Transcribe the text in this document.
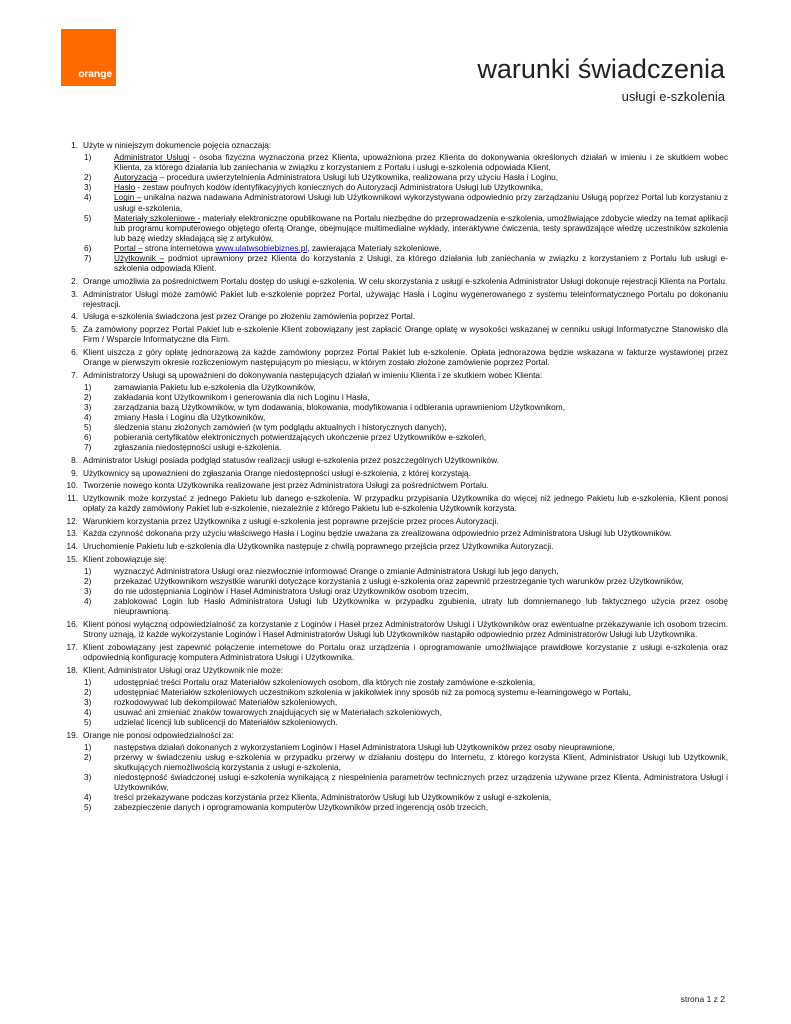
orange	warunki świadczenia
usługi e-szkolenia
1. Użyte w niniejszym dokumencie pojęcia oznaczają:
1)	Administrator Usługi - osoba fizyczna wyznaczona przez Klienta, upoważniona przez Klienta do dokonywania określonych działań w imieniu i ze skutkiem wobec Klienta, za którego działania lub zaniechania w związku z korzystaniem z Portalu i usługi e-szkolenia odpowiada Klient,
2)	Autoryzacja – procedura uwierzytelnienia Administratora Usługi lub Użytkownika, realizowana przy użyciu Hasła i Loginu,
3)	Hasło - zestaw poufnych kodów identyfikacyjnych koniecznych do Autoryzacji Administratora Usługi lub Użytkownika,
4)	Login – unikalna nazwa nadawana Administratorowi Usługi lub Użytkownikowi wykorzystywana odpowiednio przy zarządzaniu Usługą poprzez Portal lub korzystaniu z usługi e-szkolenia,
5)	Materiały szkoleniowe - materiały elektroniczne opublikowane na Portalu niezbędne do przeprowadzenia e-szkolenia, umożliwiające zdobycie wiedzy na temat aplikacji lub programu komputerowego objętego ofertą Orange, obejmujące multimedialne wykłady, interaktywne ćwiczenia, testy sprawdzające wiedzę uczestników szkolenia lub bazę wiedzy składającą się z artykułów,
6)	Portal – strona internetowa www.ulatwsobiebiznes.pl, zawierająca Materiały szkoleniowe,
7)	Użytkownik – podmiot uprawniony przez Klienta do korzystania z Usługi, za którego działania lub zaniechania w związku z korzystaniem z Portalu lub usługi e-szkolenia odpowiada Klient.
2. Orange umożliwia za pośrednictwem Portalu dostęp do usługi e-szkolenia. W celu skorzystania z usługi e-szkolenia Administrator Usługi dokonuje rejestracji Klienta na Portalu.
3. Administrator Usługi może zamówić Pakiet lub e-szkolenie poprzez Portal, używając Hasła i Loginu wygenerowanego z systemu teleinformatycznego Portalu po dokonaniu rejestracji.
4. Usługa e-szkolenia świadczona jest przez Orange po złożeniu zamówienia poprzez Portal.
5. Za zamówiony poprzez Portal Pakiet lub e-szkolenie Klient zobowiązany jest zapłacić Orange opłatę w wysokości wskazanej w cenniku usługi Informatyczne Stanowisko dla Firm / Wsparcie Informatyczne dla Firm.
6. Klient uiszcza z góry opłatę jednorazową za każde zamówiony poprzez Portal Pakiet lub e-szkolenie. Opłata jednorazowa będzie wskazana w fakturze wystawionej przez Orange w pierwszym okresie rozliczeniowym następującym po miesiącu, w którym zostało złożone zamówienie poprzez Portal.
7. Administratorzy Usługi są upoważnieni do dokonywania następujących działań w imieniu Klienta i ze skutkiem wobec Klienta:
1)	zamawiania Pakietu lub e-szkolenia dla Użytkowników,
2)	zakładania kont Użytkownikom i generowania dla nich Loginu i Hasła,
3)	zarządzania bazą Użytkowników, w tym dodawania, blokowania, modyfikowania i odbierania uprawnieniom Użytkownikom,
4)	zmiany Hasła i Loginu dla Użytkowników,
5)	śledzenia stanu złożonych zamówień (w tym podglądu aktualnych i historycznych danych),
6)	pobierania certyfikatów elektronicznych potwierdzających ukończenie przez Użytkowników e-szkoleń,
7)	zgłaszania niedostępności usługi e-szkolenia.
8. Administrator Usługi posiada podgląd statusów realizacji usługi e-szkolenia przez poszczególnych Użytkowników.
9. Użytkownicy są upoważnieni do zgłaszania Orange niedostępności usługi e-szkolenia, z której korzystają.
10. Tworzenie nowego konta Użytkownika realizowane jest przez Administratora Usługi za pośrednictwem Portalu.
11. Użytkownik może korzystać z jednego Pakietu lub danego e-szkolenia. W przypadku przypisania Użytkownika do więcej niż jednego Pakietu lub e-szkolenia, Klient ponosi opłaty za każdy zamówiony Pakiet lub e-szkolenie, niezależnie z którego Pakietu lub e-szkolenia Użytkownik korzysta.
12. Warunkiem korzystania przez Użytkownika z usługi e-szkolenia jest poprawne przejście przez proces Autoryzacji.
13. Każda czynność dokonana przy użyciu właściwego Hasła i Loginu będzie uważana za zrealizowana odpowiednio przez Administratora Usługi lub Użytkowników.
14. Uruchomienie Pakietu lub e-szkolenia dla Użytkownika następuje z chwilą poprawnego przejścia przez Użytkownika Autoryzacji.
15. Klient zobowiązuje się:
1)	wyznaczyć Administratora Usługi oraz niezwłocznie informować Orange o zmianie Administratora Usługi lub jego danych,
2)	przekazać Użytkownikom wszystkie warunki dotyczące korzystania z usługi e-szkolenia oraz zapewnić przestrzeganie tych warunków przez Użytkowników,
3)	do nie udostępniania Loginów i Haseł Administratora Usługi oraz Użytkowników osobom trzecim,
4)	zablokować Login lub Hasło Administratora Usługi lub Użytkownika w przypadku zgubienia, utraty lub domniemanego lub faktycznego użycia przez osobę nieuprawnioną.
16. Klient ponosi wyłączną odpowiedzialność za korzystanie z Loginów i Haseł przez Administratorów Usługi i Użytkowników oraz ewentualne przekazywanie ich osobom trzecim. Strony uznają, iż każde wykorzystanie Loginów i Haseł Administratorów Usługi lub Użytkowników nastąpiło odpowiednio przez Administratorów Usługi lub Użytkownika.
17. Klient zobowiązany jest zapewnić połączenie internetowe do Portalu oraz urządzenia i oprogramowanie umożliwiające prawidłowe korzystanie z usługi e-szkolenia oraz odpowiednią konfigurację komputera Administratora Usługi i Użytkownika.
18. Klient, Administrator Usługi oraz Użytkownik nie może:
1)	udostępniać treści Portalu oraz Materiałów szkoleniowych osobom, dla których nie zostały zamówione e-szkolenia,
2)	udostępniać Materiałów szkoleniowych uczestnikom szkolenia w jakikolwiek inny sposób niż za pomocą systemu e-learningowego w Portalu,
3)	rozkodowywać lub dekompilować Materiałów szkoleniowych,
4)	usuwać ani zmieniać znaków towarowych znajdujących się w Materiałach szkoleniowych,
5)	udzielać licencji lub sublicencji do Materiałów szkoleniowych.
19. Orange nie ponosi odpowiedzialności za:
1)	następstwa działań dokonanych z wykorzystaniem Loginów i Haseł Administratora Usługi lub Użytkowników przez osoby nieuprawnione,
2)	przerwy w świadczeniu usług e-szkolenia w przypadku przerwy w działaniu dostępu do Internetu, z którego korzysta Klient, Administrator Usługi lub Użytkownik, skutkujących niemożliwością korzystania z usługi e-szkolenia,
3)	niedostępność świadczonej usługi e-szkolenia wynikającą z niespełnienia parametrów technicznych przez urządzenia używane przez Klienta, Administratora Usługi i Użytkowników,
4)	treści przekazywane podczas korzystania przez Klienta, Administratorów Usługi lub Użytkowników z usługi e-szkolenia,
5)	zabezpieczenie danych i oprogramowania komputerów Użytkowników przed ingerencją osób trzecich,
strona 1 z 2
